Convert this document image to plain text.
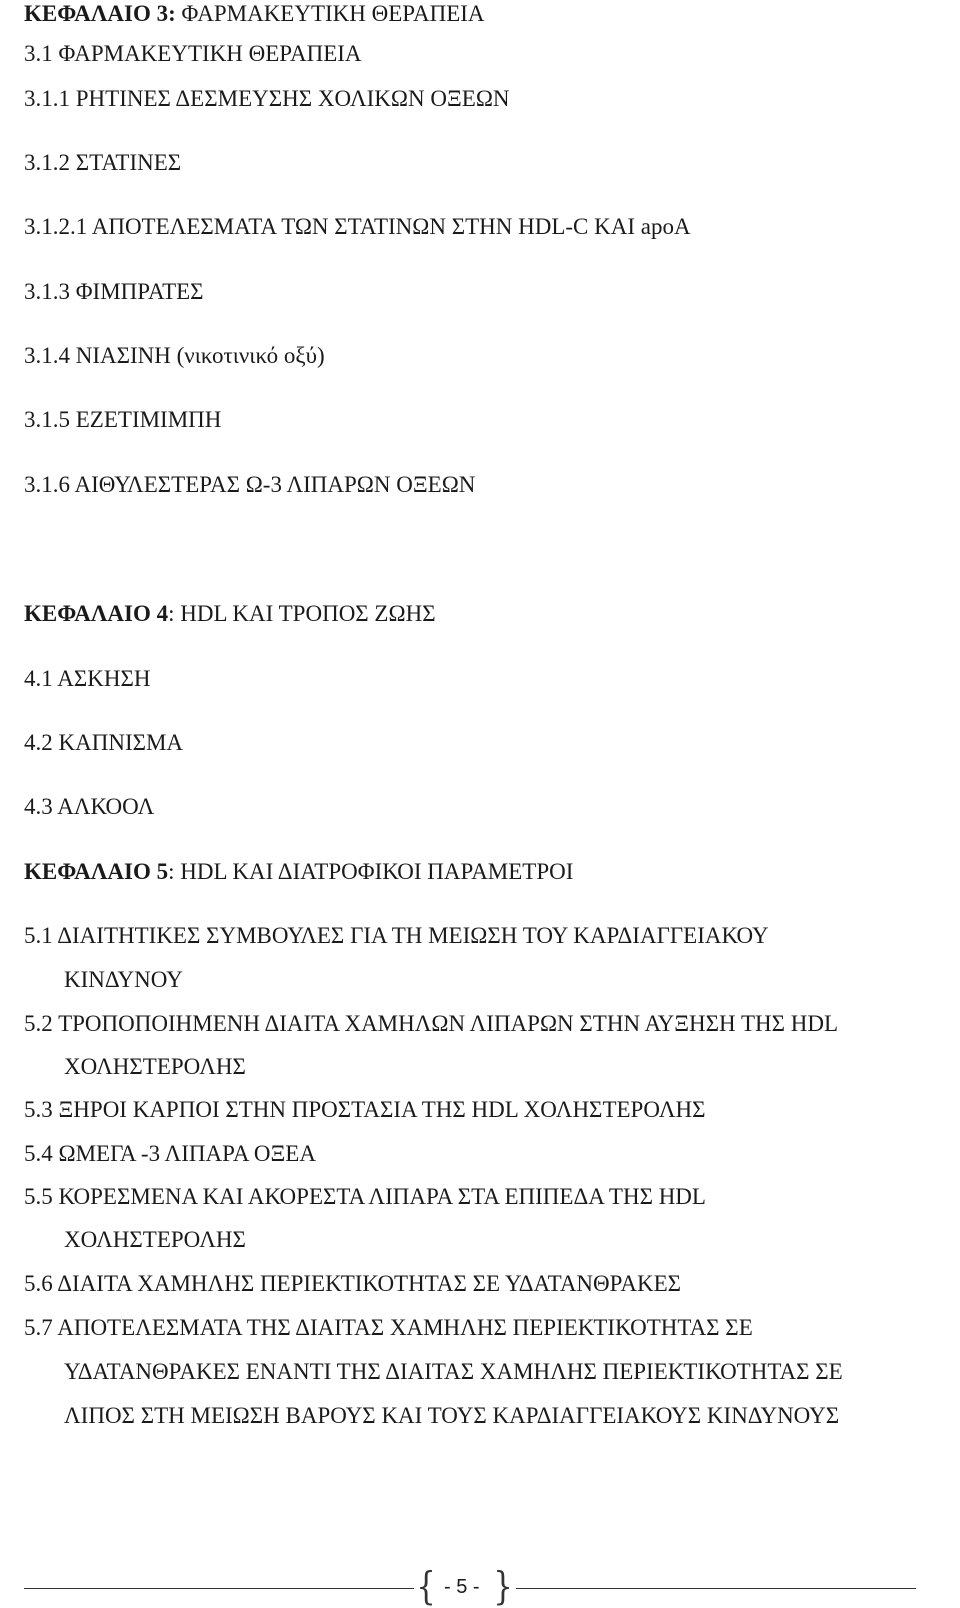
ΚΕΦΑΛΑΙΟ 3: ΦΑΡΜΑΚΕΥΤΙΚΗ ΘΕΡΑΠΕΙΑ
3.1 ΦΑΡΜΑΚΕΥΤΙΚΗ ΘΕΡΑΠΕΙΑ
3.1.1 ΡΗΤΙΝΕΣ ΔΕΣΜΕΥΣΗΣ ΧΟΛΙΚΩΝ ΟΞΕΩΝ
3.1.2 ΣΤΑΤΙΝΕΣ
3.1.2.1 ΑΠΟΤΕΛΕΣΜΑΤΑ ΤΩΝ ΣΤΑΤΙΝΩΝ ΣΤΗΝ HDL-C ΚΑΙ apoA
3.1.3 ΦΙΜΠΡΑΤΕΣ
3.1.4 ΝΙΑΣΙΝΗ (νικοτινικό οξύ)
3.1.5 ΕΖΕΤΙΜΙΜΠΗ
3.1.6 ΑΙΘΥΛΕΣΤΕΡΑΣ Ω-3 ΛΙΠΑΡΩΝ ΟΞΕΩΝ
ΚΕΦΑΛΑΙΟ 4: HDL ΚΑΙ ΤΡΟΠΟΣ ΖΩΗΣ
4.1 ΑΣΚΗΣΗ
4.2 ΚΑΠΝΙΣΜΑ
4.3 ΑΛΚΟΟΛ
ΚΕΦΑΛΑΙΟ 5: HDL ΚΑΙ ΔΙΑΤΡΟΦΙΚΟΙ ΠΑΡΑΜΕΤΡΟΙ
5.1 ΔΙΑΙΤΗΤΙΚΕΣ ΣΥΜΒΟΥΛΕΣ ΓΙΑ ΤΗ ΜΕΙΩΣΗ ΤΟΥ ΚΑΡΔΙΑΓΓΕΙΑΚΟΥ
ΚΙΝΔΥΝΟΥ
5.2 ΤΡΟΠΟΠΟΙΗΜΕΝΗ ΔΙΑΙΤΑ ΧΑΜΗΛΩΝ ΛΙΠΑΡΩΝ ΣΤΗΝ ΑΥΞΗΣΗ ΤΗΣ HDL
ΧΟΛΗΣΤΕΡΟΛΗΣ
5.3 ΞΗΡΟΙ ΚΑΡΠΟΙ ΣΤΗΝ ΠΡΟΣΤΑΣΙΑ ΤΗΣ HDL ΧΟΛΗΣΤΕΡΟΛΗΣ
5.4 ΩΜΕΓΑ -3 ΛΙΠΑΡΑ ΟΞΕΑ
5.5 ΚΟΡΕΣΜΕΝΑ ΚΑΙ ΑΚΟΡΕΣΤΑ ΛΙΠΑΡΑ ΣΤΑ ΕΠΙΠΕΔΑ ΤΗΣ HDL
ΧΟΛΗΣΤΕΡΟΛΗΣ
5.6 ΔΙΑΙΤΑ ΧΑΜΗΛΗΣ ΠΕΡΙΕΚΤΙΚΟΤΗΤΑΣ ΣΕ ΥΔΑΤΑΝΘΡΑΚΕΣ
5.7 ΑΠΟΤΕΛΕΣΜΑΤΑ ΤΗΣ ΔΙΑΙΤΑΣ ΧΑΜΗΛΗΣ ΠΕΡΙΕΚΤΙΚΟΤΗΤΑΣ ΣΕ
ΥΔΑΤΑΝΘΡΑΚΕΣ ΕΝΑΝΤΙ ΤΗΣ ΔΙΑΙΤΑΣ ΧΑΜΗΛΗΣ ΠΕΡΙΕΚΤΙΚΟΤΗΤΑΣ ΣΕ
ΛΙΠΟΣ ΣΤΗ ΜΕΙΩΣΗ ΒΑΡΟΥΣ ΚΑΙ ΤΟΥΣ ΚΑΡΔΙΑΓΓΕΙΑΚΟΥΣ ΚΙΝΔΥΝΟΥΣ
{ - 5 - }
